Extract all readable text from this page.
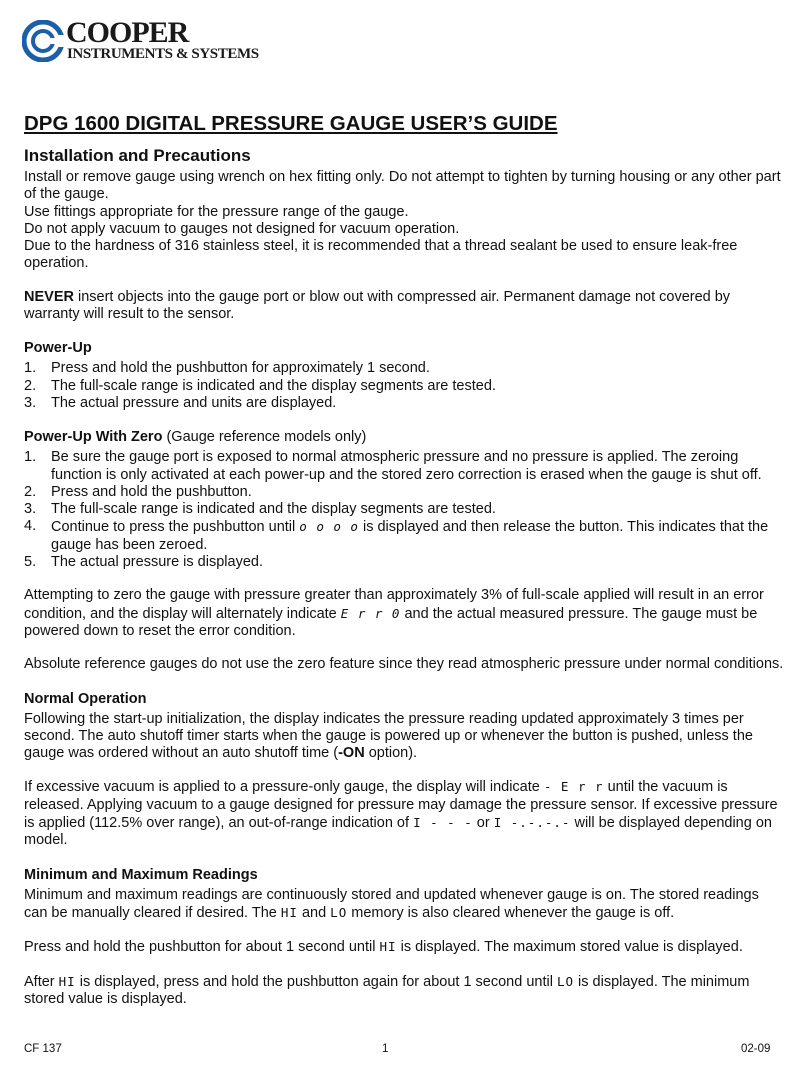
COOPER
INSTRUMENTS & SYSTEMS
DPG 1600 DIGITAL PRESSURE GAUGE USER’S GUIDE
Installation and Precautions

Install or remove gauge using wrench on hex fitting only. Do not attempt to tighten by turning housing or any other part of the gauge.

Use fittings appropriate for the pressure range of the gauge.

Do not apply vacuum to gauges not designed for vacuum operation.

Due to the hardness of 316 stainless steel, it is recommended that a thread sealant be used to ensure leak-free operation.

NEVER insert objects into the gauge port or blow out with compressed air. Permanent damage not covered by warranty will result to the sensor.

Power-Up
1. Press and hold the pushbutton for approximately 1 second.
2. The full-scale range is indicated and the display segments are tested.
3. The actual pressure and units are displayed.
Power-Up With Zero (Gauge reference models only)
1. Be sure the gauge port is exposed to normal atmospheric pressure and no pressure is applied. The zeroing function is only activated at each power-up and the stored zero correction is erased when the gauge is shut off.
2. Press and hold the pushbutton.
3. The full-scale range is indicated and the display segments are tested.
4. Continue to press the pushbutton until o o o o is displayed and then release the button. This indicates that the gauge has been zeroed.
5. The actual pressure is displayed.

Attempting to zero the gauge with pressure greater than approximately 3% of full-scale applied will result in an error condition, and the display will alternately indicate E r r 0 and the actual measured pressure. The gauge must be powered down to reset the error condition.

Absolute reference gauges do not use the zero feature since they read atmospheric pressure under normal conditions.

Normal Operation

Following the start-up initialization, the display indicates the pressure reading updated approximately 3 times per second. The auto shutoff timer starts when the gauge is powered up or whenever the button is pushed, unless the gauge was ordered without an auto shutoff time (-ON option).

If excessive vacuum is applied to a pressure-only gauge, the display will indicate - E r r until the vacuum is released. Applying vacuum to a gauge designed for pressure may damage the pressure sensor. If excessive pressure is applied (112.5% over range), an out-of-range indication of I - - - or I -.-.-.- will be displayed depending on model.

Minimum and Maximum Readings

Minimum and maximum readings are continuously stored and updated whenever gauge is on. The stored readings can be manually cleared if desired. The HI and LO memory is also cleared whenever the gauge is off.

Press and hold the pushbutton for about 1 second until HI is displayed. The maximum stored value is displayed.

After HI is displayed, press and hold the pushbutton again for about 1 second until LO is displayed. The minimum stored value is displayed.

CF 137	1	02-09
